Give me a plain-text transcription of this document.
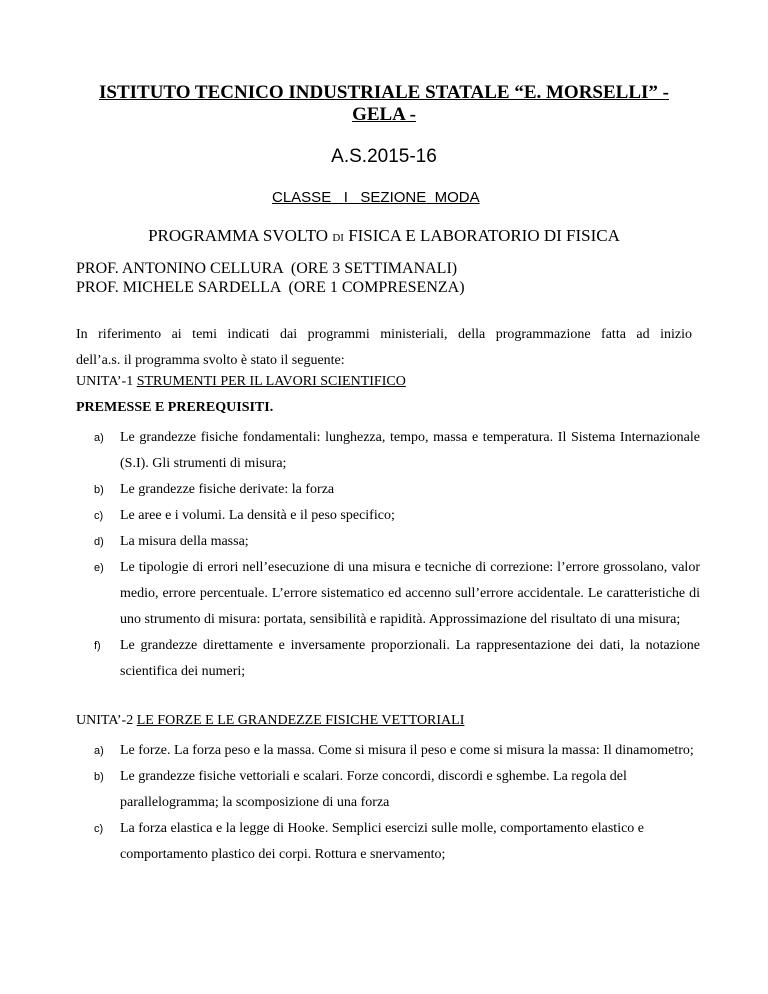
ISTITUTO TECNICO INDUSTRIALE STATALE “E. MORSELLI” -
GELA -
A.S.2015-16
CLASSE I SEZIONE MODA
PROGRAMMA SVOLTO DI FISICA E LABORATORIO DI FISICA
PROF. ANTONINO CELLURA (ORE 3 SETTIMANALI)
PROF. MICHELE SARDELLA (ORE 1 COMPRESENZA)
In riferimento ai temi indicati dai programmi ministeriali, della programmazione fatta ad inizio
dell’a.s. il programma svolto è stato il seguente:
UNITA’-1 STRUMENTI PER IL LAVORI SCIENTIFICO
PREMESSE E PREREQUISITI.
a) Le grandezze fisiche fondamentali: lunghezza, tempo, massa e temperatura. Il Sistema Internazionale (S.I). Gli strumenti di misura;
b) Le grandezze fisiche derivate: la forza
c) Le aree e i volumi. La densità e il peso specifico;
d) La misura della massa;
e) Le tipologie di errori nell’esecuzione di una misura e tecniche di correzione: l’errore grossolano, valor medio, errore percentuale. L’errore sistematico ed accenno sull’errore accidentale. Le caratteristiche di uno strumento di misura: portata, sensibilità e rapidità. Approssimazione del risultato di una misura;
f) Le grandezze direttamente e inversamente proporzionali. La rappresentazione dei dati, la notazione scientifica dei numeri;
UNITA’-2 LE FORZE E LE GRANDEZZE FISICHE VETTORIALI
a) Le forze. La forza peso e la massa. Come si misura il peso e come si misura la massa: Il dinamometro;
b) Le grandezze fisiche vettoriali e scalari. Forze concordi, discordi e sghembe. La regola del parallelogramma; la scomposizione di una forza
c) La forza elastica e la legge di Hooke. Semplici esercizi sulle molle, comportamento elastico e comportamento plastico dei corpi. Rottura e snervamento;
